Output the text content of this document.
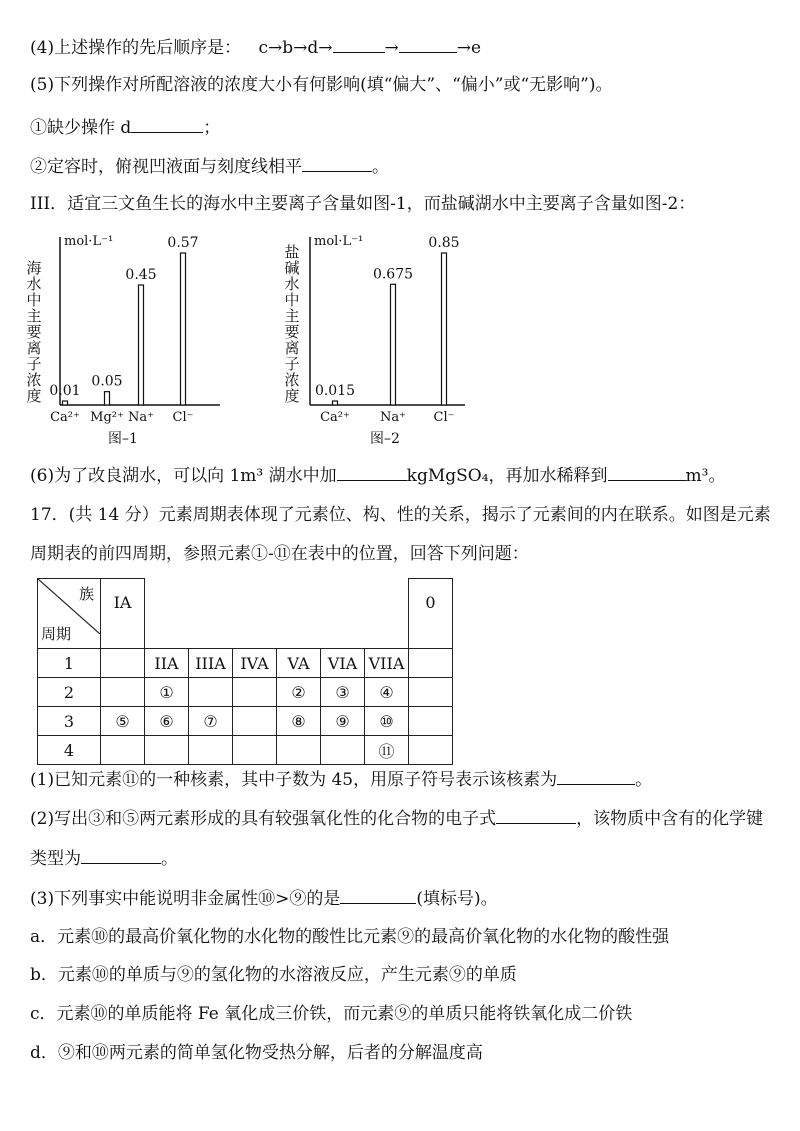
(4)上述操作的先后顺序是： c→b→d→	→	→e
(5)下列操作对所配溶液的浓度大小有何影响(填“偏大”、“偏小”或“无影响”)。
①缺少操作 d	；
②定容时，俯视凹液面与刻度线相平	。
III．适宜三文鱼生长的海水中主要离子含量如图-1，而盐碱湖水中主要离子含量如图-2：
mol·L⁻¹
图–1
0.01
Ca²⁺
0.05
Mg²⁺
0.45
Na⁺
0.57
Cl⁻
海水中主要离子浓度
mol·L⁻¹
图–2
0.015
Ca²⁺
0.675
Na⁺
0.85
Cl⁻
盐碱水中主要离子浓度
(6)为了改良湖水，可以向 1m³ 湖水中加	kgMgSO₄，再加水稀释到	m³。
17．(共 14 分）元素周期表体现了元素位、构、性的关系，揭示了元素间的内在联系。如图是元素
周期表的前四周期，参照元素①-⑪在表中的位置，回答下列问题：
族
周期	IA							0
1		IIA	IIIA	IVA	VA	VIA	VIIA	
2		①			②	③	④	
3	⑤	⑥	⑦		⑧	⑨	⑩	
4							⑪	
(1)已知元素⑪的一种核素，其中子数为 45，用原子符号表示该核素为	。
(2)写出③和⑤两元素形成的具有较强氧化性的化合物的电子式	，该物质中含有的化学键
类型为	。
(3)下列事实中能说明非金属性⑩>⑨的是	(填标号)。
a．元素⑩的最高价氧化物的水化物的酸性比元素⑨的最高价氧化物的水化物的酸性强
b．元素⑩的单质与⑨的氢化物的水溶液反应，产生元素⑨的单质
c．元素⑩的单质能将 Fe 氧化成三价铁，而元素⑨的单质只能将铁氧化成二价铁
d．⑨和⑩两元素的简单氢化物受热分解，后者的分解温度高
